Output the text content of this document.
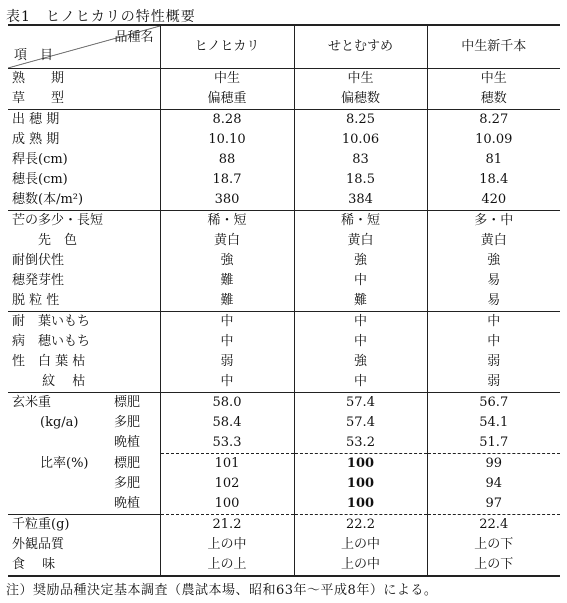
表1　ヒノヒカリの特性概要
品種名
項　目	ヒノヒカリ	せとむすめ	中生新千本
熟　　期	中生	中生	中生
草　　型	偏穂重	偏穂数	穂数
出 穂 期	8.28	8.25	8.27
成 熟 期	10.10	10.06	10.09
稈長(cm)	88	83	81
穂長(cm)	18.7	18.5	18.4
穂数(本/m²)	380	384	420
芒の多少・長短	稀・短	稀・短	多・中
　　先　色	黄白	黄白	黄白
耐倒伏性	強	強	強
穂発芽性	難	中	易
脱 粒 性	難	難	易
耐　葉いもち	中	中	中
病　穂いもち	中	中	中
性　白 葉 枯	弱	強	弱
　　 紋　 枯	中	中	弱

玄米重 標肥	58.0	57.4	56.7

(kg/a) 多肥	58.4	57.4	54.1

晩植	53.3	53.2	51.7

比率(%) 標肥	101	100	99

多肥	102	100	94

晩植	100	100	97
千粒重(g)	21.2	22.2	22.4
外観品質	上の中	上の中	上の下
食　 味	上の上	上の中	上の下
注）奨励品種決定基本調査（農試本場、昭和63年～平成8年）による。
